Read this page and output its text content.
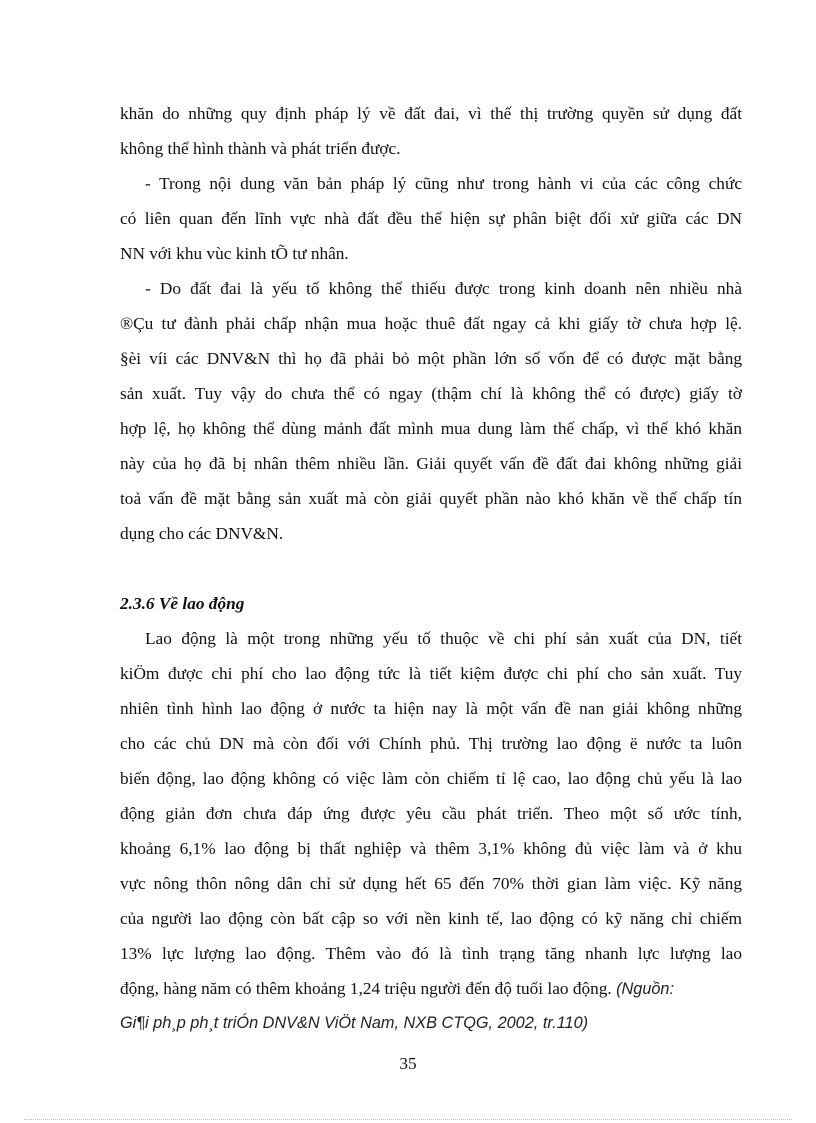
khăn do những quy định pháp lý về đất đai, vì thế thị trường quyền sử dụng đất
không thể hình thành và phát triển được.
- Trong nội dung văn bản pháp lý cũng như trong hành vi của các công chức
có liên quan đến lĩnh vực nhà đất đều thể hiện sự phân biệt đối xử giữa các DN
NN với khu vùc kinh tÕ tư nhân.
- Do đất đai là yếu tố không thể thiếu được trong kinh doanh nên nhiều nhà
®Çu tư đành phải chấp nhận mua hoặc thuê đất ngay cả khi giấy tờ chưa hợp lệ.
§èi víi các DNV&N thì họ đã phải bỏ một phần lớn số vốn để có được mặt bằng
sản xuất. Tuy vậy do chưa thể có ngay (thậm chí là không thể có được) giấy tờ
hợp lệ, họ không thể dùng mảnh đất mình mua dung làm thế chấp, vì thế khó khăn
này của họ đã bị nhân thêm nhiều lần. Giải quyết vấn đề đất đai không những giải
toả vấn đề mặt bằng sản xuất mà còn giải quyết phần nào khó khăn về thế chấp tín
dụng cho các DNV&N.
2.3.6 Về lao động
Lao động là một trong những yếu tố thuộc về chi phí sản xuất của DN, tiết
kiÖm được chi phí cho lao động tức là tiết kiệm được chi phí cho sản xuất. Tuy
nhiên tình hình lao động ở nước ta hiện nay là một vấn đề nan giải không những
cho các chủ DN mà còn đối với Chính phủ. Thị trường lao động ë nước ta luôn
biến động, lao động không có việc làm còn chiếm tỉ lệ cao, lao động chủ yếu là lao
động giản đơn chưa đáp ứng được yêu cầu phát triển. Theo một số ước tính,
khoảng 6,1% lao động bị thất nghiệp và thêm 3,1% không đủ việc làm và ở khu
vực nông thôn nông dân chỉ sử dụng hết 65 đến 70% thời gian làm việc. Kỹ năng
của người lao động còn bất cập so với nền kinh tế, lao động có kỹ năng chỉ chiếm
13% lực lượng lao động. Thêm vào đó là tình trạng tăng nhanh lực lượng lao
động, hàng năm có thêm khoảng 1,24 triệu người đến độ tuổi lao động. (Nguồn:
Gi¶i ph¸p ph¸t triÓn DNV&N ViÖt Nam, NXB CTQG, 2002, tr.110)
35
